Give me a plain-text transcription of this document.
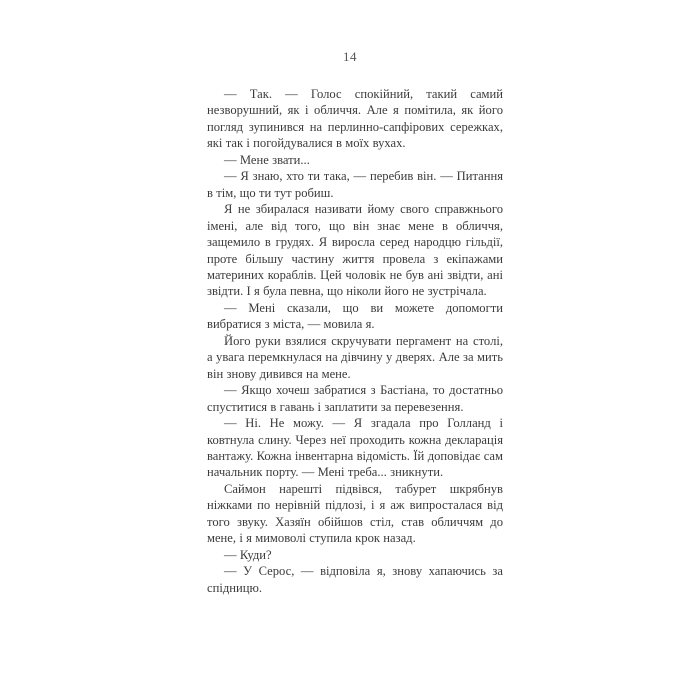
14

— Так. — Голос спокійний, такий самий незворушний, як і обличчя. Але я помітила, як його погляд зупинився на перлинно-сапфірових сережках, які так і погойдувалися в моїх вухах.

— Мене звати...

— Я знаю, хто ти така, — перебив він. — Питання в тім, що ти тут робиш.

Я не збиралася називати йому свого справжнього імені, але від того, що він знає мене в обличчя, защемило в грудях. Я виросла серед народцю гільдії, проте більшу частину життя провела з екіпажами материних кораблів. Цей чоловік не був ані звідти, ані звідти. І я була певна, що ніколи його не зустрічала.

— Мені сказали, що ви можете допомогти вибратися з міста, — мовила я.

Його руки взялися скручувати пергамент на столі, а увага перемкнулася на дівчину у дверях. Але за мить він знову дивився на мене.

— Якщо хочеш забратися з Бастіана, то достатньо спуститися в гавань і заплатити за перевезення.

— Ні. Не можу. — Я згадала про Голланд і ковтнула слину. Через неї проходить кожна декларація вантажу. Кожна інвентарна відомість. Їй доповідає сам начальник порту. — Мені треба... зникнути.

Саймон нарешті підвівся, табурет шкрябнув ніжками по нерівній підлозі, і я аж випросталася від того звуку. Хазяїн обійшов стіл, став обличчям до мене, і я мимоволі ступила крок назад.

— Куди?

— У Серос, — відповіла я, знову хапаючись за спідницю.
